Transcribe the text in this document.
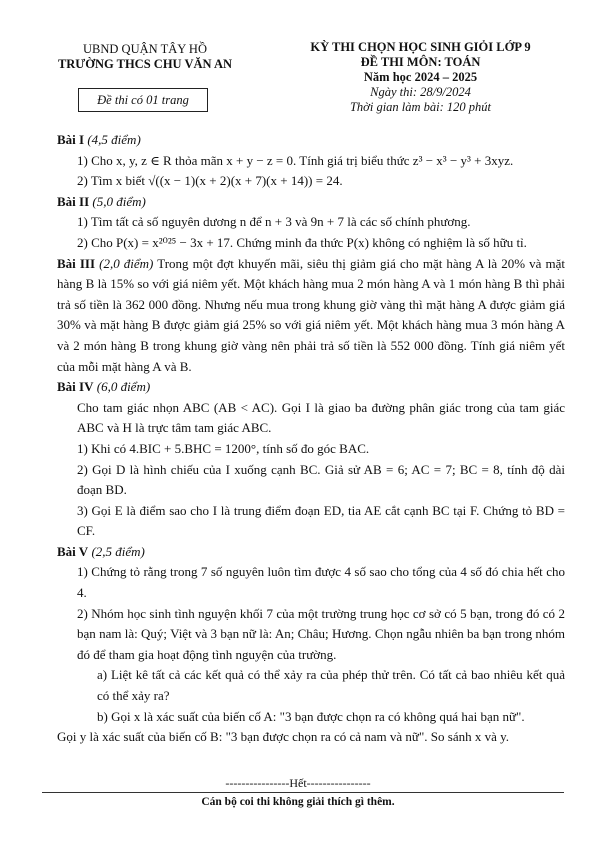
UBND QUẬN TÂY HỒ
TRƯỜNG THCS CHU VĂN AN
Đề thi có 01 trang
KỲ THI CHỌN HỌC SINH GIỎI LỚP 9
ĐỀ THI MÔN: TOÁN
Năm học 2024 – 2025
Ngày thi: 28/9/2024
Thời gian làm bài: 120 phút

Bài I (4,5 điểm)

1) Cho x, y, z ∈ R thỏa mãn x + y − z = 0. Tính giá trị biểu thức z³ − x³ − y³ + 3xyz.

2) Tìm x biết √((x − 1)(x + 2)(x + 7)(x + 14)) = 24.

Bài II (5,0 điểm)

1) Tìm tất cả số nguyên dương n để n + 3 và 9n + 7 là các số chính phương.

2) Cho P(x) = x²⁰²⁵ − 3x + 17. Chứng minh đa thức P(x) không có nghiệm là số hữu tỉ.

Bài III (2,0 điểm) Trong một đợt khuyến mãi, siêu thị giảm giá cho mặt hàng A là 20% và mặt hàng B là 15% so với giá niêm yết. Một khách hàng mua 2 món hàng A và 1 món hàng B thì phải trả số tiền là 362 000 đồng. Nhưng nếu mua trong khung giờ vàng thì mặt hàng A được giảm giá 30% và mặt hàng B được giảm giá 25% so với giá niêm yết. Một khách hàng mua 3 món hàng A và 2 món hàng B trong khung giờ vàng nên phải trả số tiền là 552 000 đồng. Tính giá niêm yết của mỗi mặt hàng A và B.

Bài IV (6,0 điểm)

Cho tam giác nhọn ABC (AB < AC). Gọi I là giao ba đường phân giác trong của tam giác ABC và H là trực tâm tam giác ABC.

1) Khi có 4.BIC + 5.BHC = 1200°, tính số đo góc BAC.

2) Gọi D là hình chiếu của I xuống cạnh BC. Giả sử AB = 6; AC = 7; BC = 8, tính độ dài đoạn BD.

3) Gọi E là điểm sao cho I là trung điểm đoạn ED, tia AE cắt cạnh BC tại F. Chứng tỏ BD = CF.

Bài V (2,5 điểm)

1) Chứng tỏ rằng trong 7 số nguyên luôn tìm được 4 số sao cho tổng của 4 số đó chia hết cho 4.

2) Nhóm học sinh tình nguyện khối 7 của một trường trung học cơ sở có 5 bạn, trong đó có 2 bạn nam là: Quý; Việt và 3 bạn nữ là: An; Châu; Hương. Chọn ngẫu nhiên ba bạn trong nhóm đó để tham gia hoạt động tình nguyện của trường.

a) Liệt kê tất cả các kết quả có thể xảy ra của phép thử trên. Có tất cả bao nhiêu kết quả có thể xảy ra?

b) Gọi x là xác suất của biến cố A: "3 bạn được chọn ra có không quá hai bạn nữ".

Gọi y là xác suất của biến cố B: "3 bạn được chọn ra có cả nam và nữ". So sánh x và y.

----------------Hết----------------
Cán bộ coi thi không giải thích gì thêm.
